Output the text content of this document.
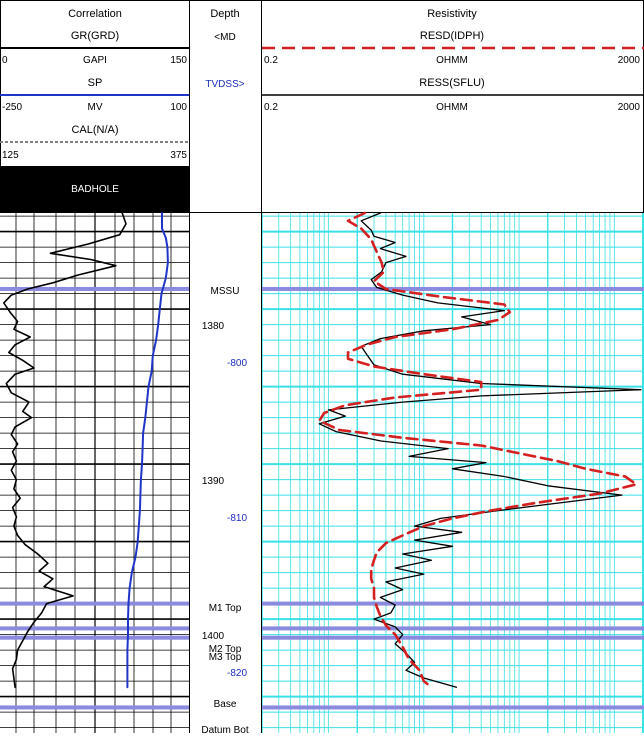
Correlation
GR(GRD)
0	GAPI	150
SP
-250	MV	100
CAL(N/A)
125	375
BADHOLE
Depth
<MD
TVDSS>
Resistivity
RESD(IDPH)
0.2	OHMM	2000
RESS(SFLU)
0.2	OHMM	2000
1380
-800
1390
-810
1400
-820
MSSU
M1 Top
M2 Top
M3 Top
Base
Datum Bot
